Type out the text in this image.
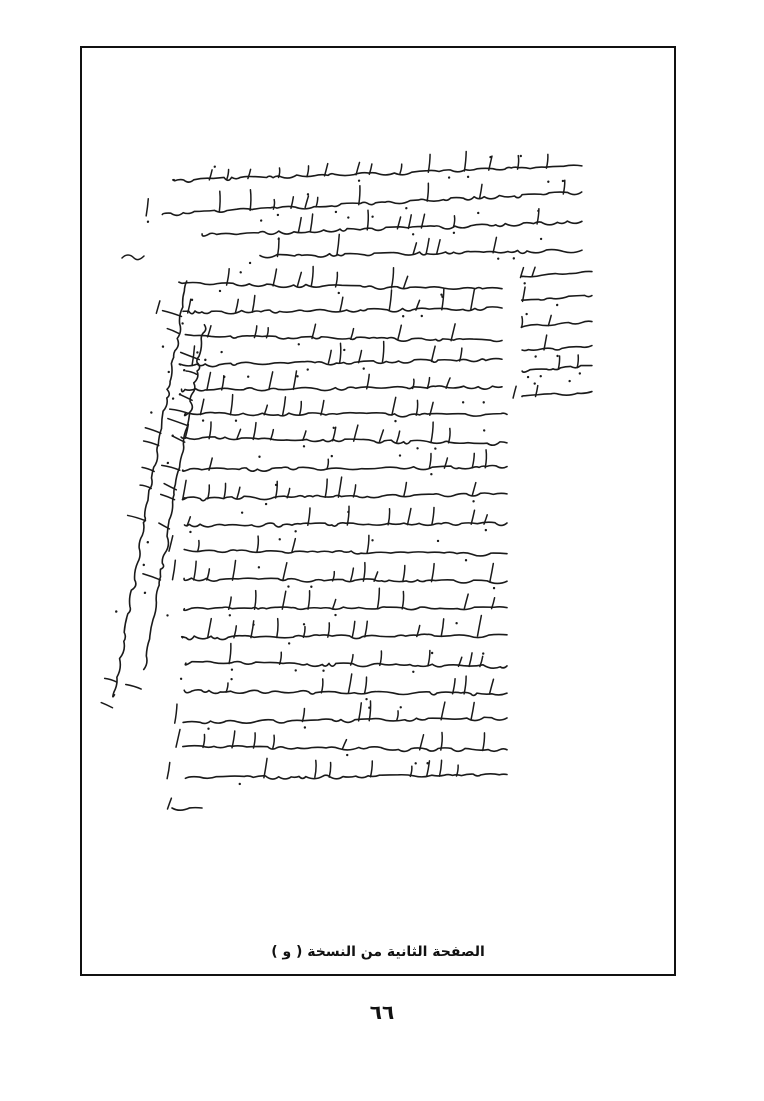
الصفحة الثانية من النسخة ( و )
٦٦
